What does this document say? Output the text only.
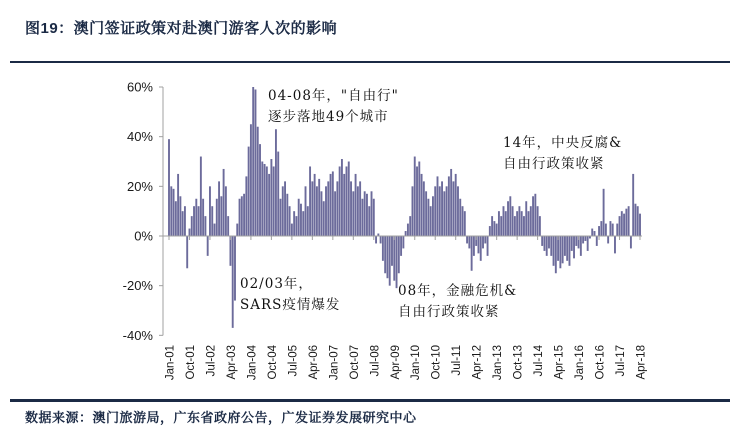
图19：澳门签证政策对赴澳门游客人次的影响
60%
40%
20%
0%
-20%
-40%
Jan-01 Oct-01 Jul-02 Apr-03 Jan-04 Oct-04 Jul-05 Apr-06 Jan-07 Oct-07 Jul-08 Apr-09 Jan-10 Oct-10 Jul-11 Apr-12 Jan-13 Oct-13 Jul-14 Apr-15 Jan-16 Oct-16 Jul-17 Apr-18
04-08年，"自由行"
逐步落地49个城市
14年，中央反腐&
自由行政策收紧
02/03年，
SARS疫情爆发
08年，金融危机&
自由行政策收紧
数据来源：澳门旅游局，广东省政府公告，广发证券发展研究中心
